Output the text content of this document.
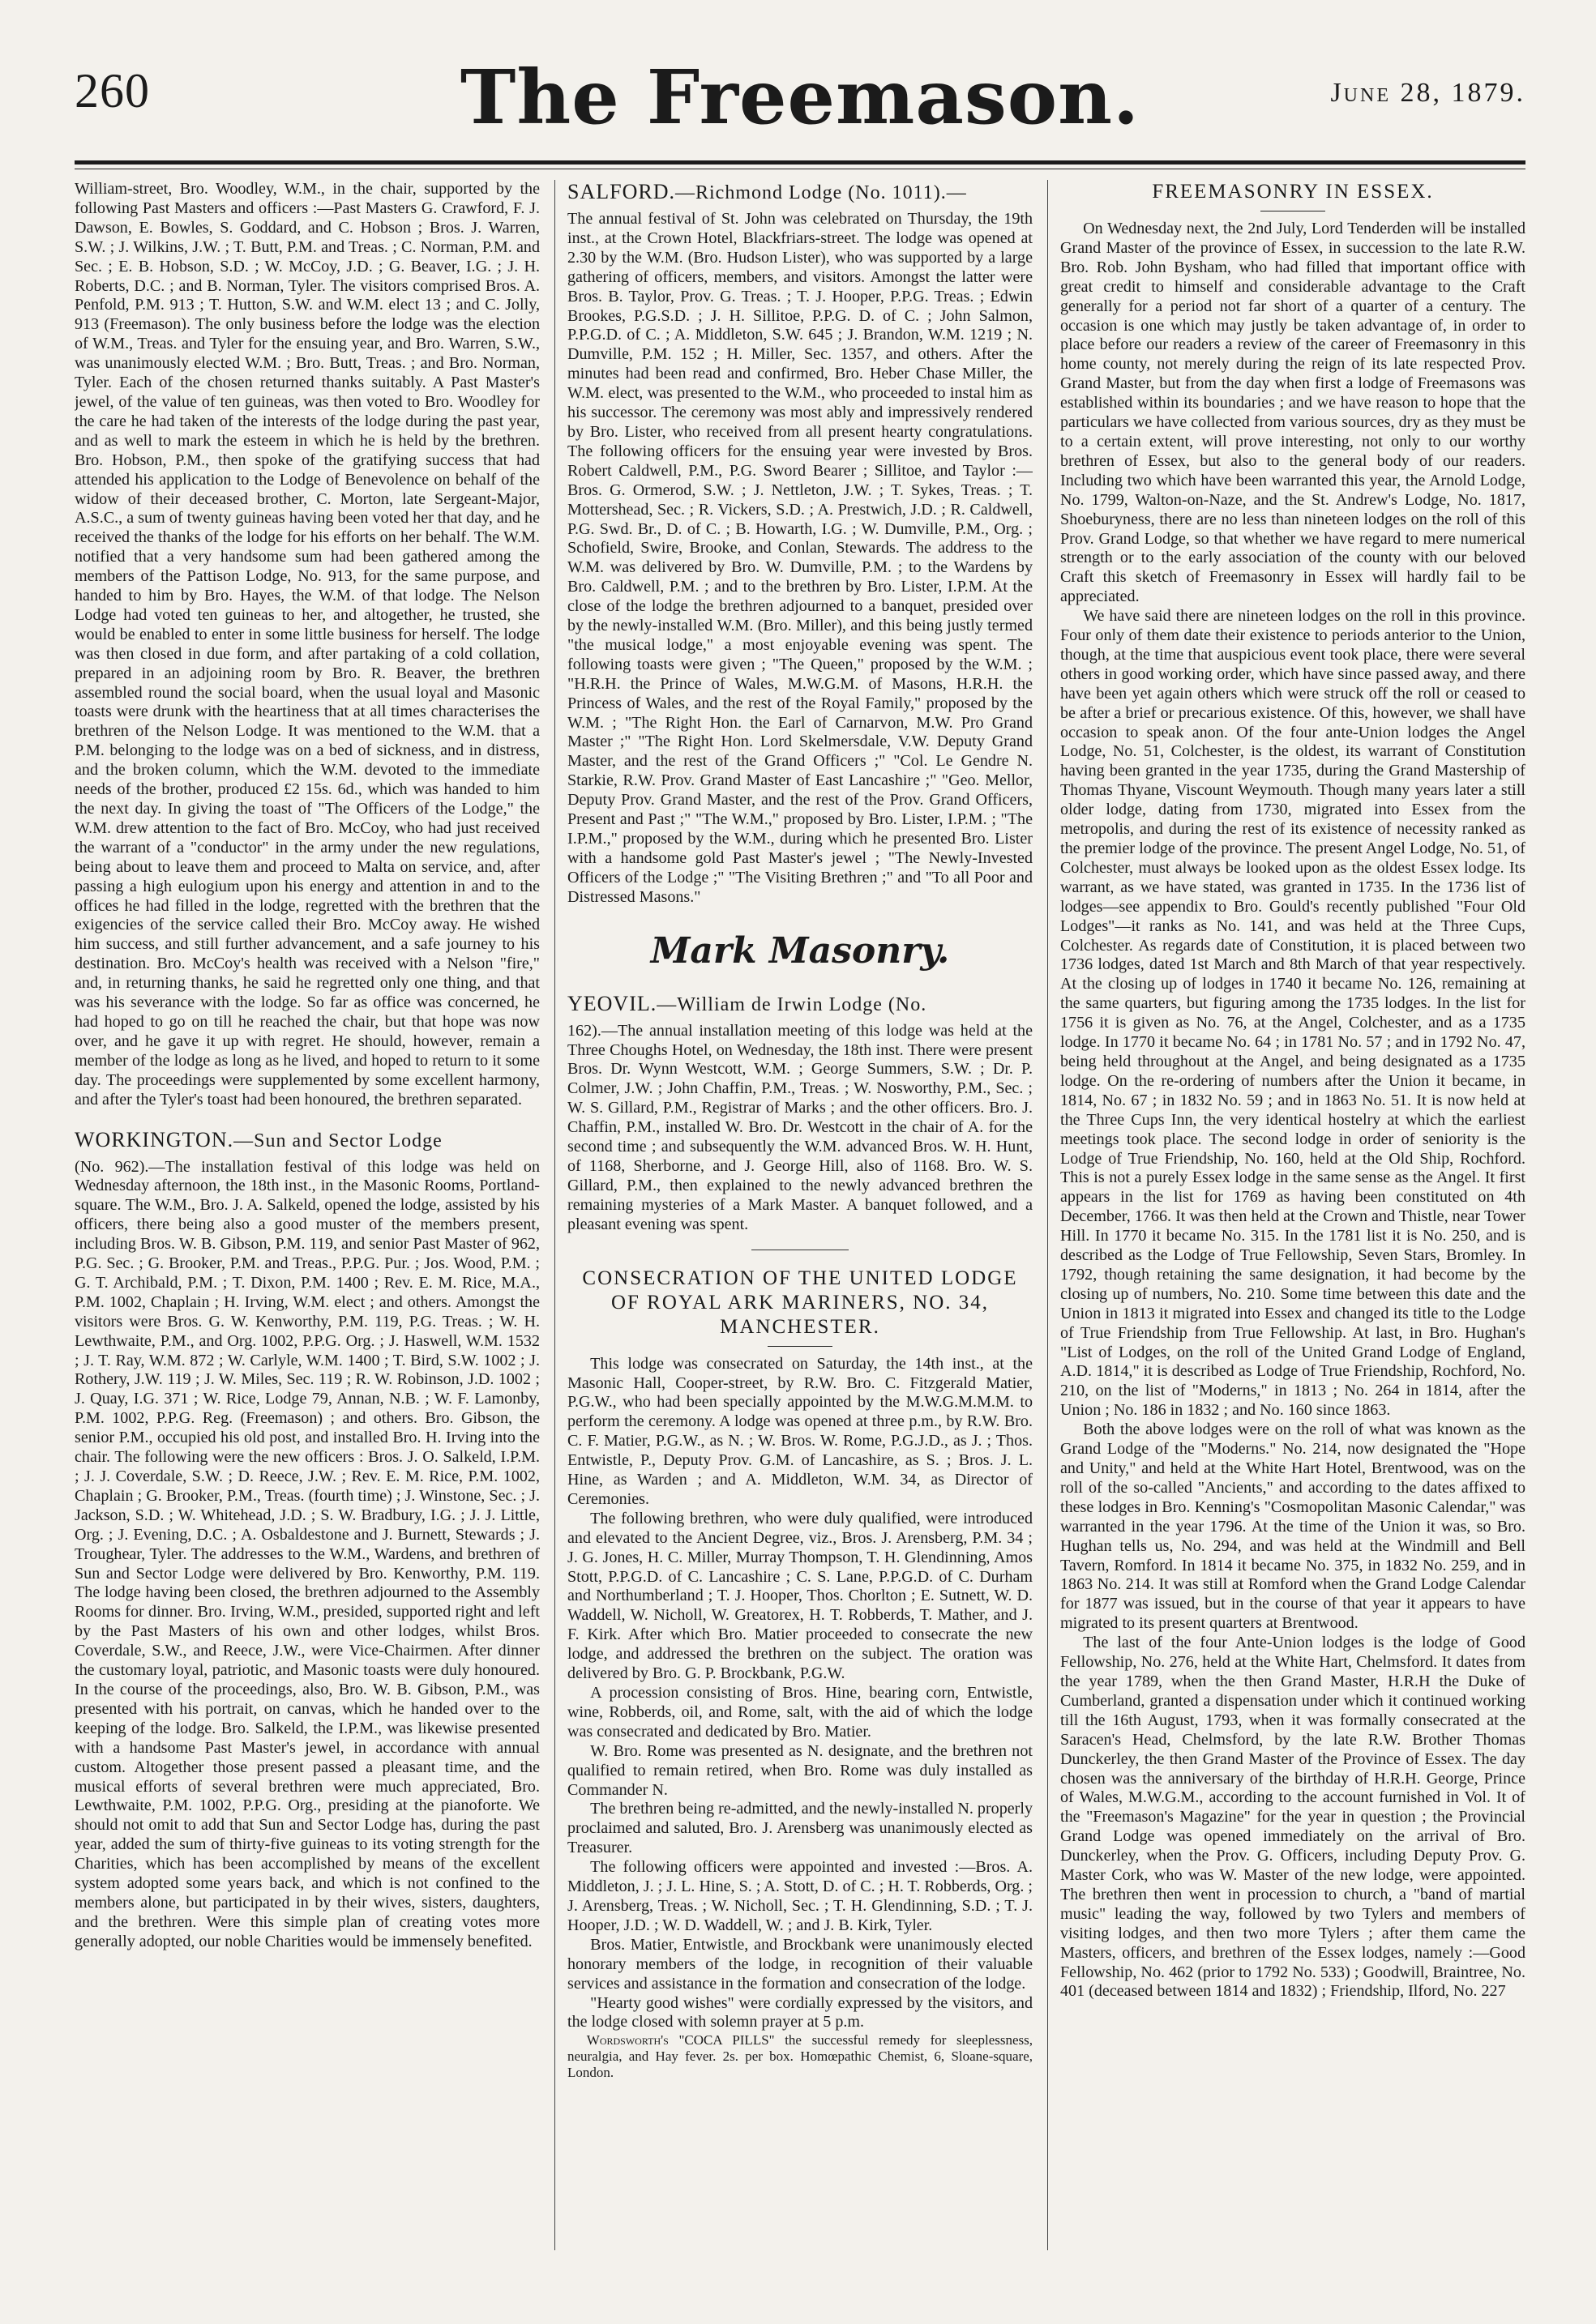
260	The Freemason.	June 28, 1879.

William-street, Bro. Woodley, W.M., in the chair, supported by the following Past Masters and officers :—Past Masters G. Crawford, F. J. Dawson, E. Bowles, S. Goddard, and C. Hobson ; Bros. J. Warren, S.W. ; J. Wilkins, J.W. ; T. Butt, P.M. and Treas. ; C. Norman, P.M. and Sec. ; E. B. Hobson, S.D. ; W. McCoy, J.D. ; G. Beaver, I.G. ; J. H. Roberts, D.C. ; and B. Norman, Tyler. The visitors comprised Bros. A. Penfold, P.M. 913 ; T. Hutton, S.W. and W.M. elect 13 ; and C. Jolly, 913 (Freemason). The only business before the lodge was the election of W.M., Treas. and Tyler for the ensuing year, and Bro. Warren, S.W., was unanimously elected W.M. ; Bro. Butt, Treas. ; and Bro. Norman, Tyler. Each of the chosen returned thanks suitably. A Past Master's jewel, of the value of ten guineas, was then voted to Bro. Woodley for the care he had taken of the interests of the lodge during the past year, and as well to mark the esteem in which he is held by the brethren. Bro. Hobson, P.M., then spoke of the gratifying success that had attended his application to the Lodge of Benevolence on behalf of the widow of their deceased brother, C. Morton, late Sergeant-Major, A.S.C., a sum of twenty guineas having been voted her that day, and he received the thanks of the lodge for his efforts on her behalf. The W.M. notified that a very handsome sum had been gathered among the members of the Pattison Lodge, No. 913, for the same purpose, and handed to him by Bro. Hayes, the W.M. of that lodge. The Nelson Lodge had voted ten guineas to her, and altogether, he trusted, she would be enabled to enter in some little business for herself. The lodge was then closed in due form, and after partaking of a cold collation, prepared in an adjoining room by Bro. R. Beaver, the brethren assembled round the social board, when the usual loyal and Masonic toasts were drunk with the heartiness that at all times characterises the brethren of the Nelson Lodge. It was mentioned to the W.M. that a P.M. belonging to the lodge was on a bed of sickness, and in distress, and the broken column, which the W.M. devoted to the immediate needs of the brother, produced £2 15s. 6d., which was handed to him the next day. In giving the toast of "The Officers of the Lodge," the W.M. drew attention to the fact of Bro. McCoy, who had just received the warrant of a "conductor" in the army under the new regulations, being about to leave them and proceed to Malta on service, and, after passing a high eulogium upon his energy and attention in and to the offices he had filled in the lodge, regretted with the brethren that the exigencies of the service called their Bro. McCoy away. He wished him success, and still further advancement, and a safe journey to his destination. Bro. McCoy's health was received with a Nelson "fire," and, in returning thanks, he said he regretted only one thing, and that was his severance with the lodge. So far as office was concerned, he had hoped to go on till he reached the chair, but that hope was now over, and he gave it up with regret. He should, however, remain a member of the lodge as long as he lived, and hoped to return to it some day. The proceedings were supplemented by some excellent harmony, and after the Tyler's toast had been honoured, the brethren separated.

WORKINGTON.—Sun and Sector Lodge

(No. 962).—The installation festival of this lodge was held on Wednesday afternoon, the 18th inst., in the Masonic Rooms, Portland-square. The W.M., Bro. J. A. Salkeld, opened the lodge, assisted by his officers, there being also a good muster of the members present, including Bros. W. B. Gibson, P.M. 119, and senior Past Master of 962, P.G. Sec. ; G. Brooker, P.M. and Treas., P.P.G. Pur. ; Jos. Wood, P.M. ; G. T. Archibald, P.M. ; T. Dixon, P.M. 1400 ; Rev. E. M. Rice, M.A., P.M. 1002, Chaplain ; H. Irving, W.M. elect ; and others. Amongst the visitors were Bros. G. W. Kenworthy, P.M. 119, P.G. Treas. ; W. H. Lewthwaite, P.M., and Org. 1002, P.P.G. Org. ; J. Haswell, W.M. 1532 ; J. T. Ray, W.M. 872 ; W. Carlyle, W.M. 1400 ; T. Bird, S.W. 1002 ; J. Rothery, J.W. 119 ; J. W. Miles, Sec. 119 ; R. W. Robinson, J.D. 1002 ; J. Quay, I.G. 371 ; W. Rice, Lodge 79, Annan, N.B. ; W. F. Lamonby, P.M. 1002, P.P.G. Reg. (Freemason) ; and others. Bro. Gibson, the senior P.M., occupied his old post, and installed Bro. H. Irving into the chair. The following were the new officers : Bros. J. O. Salkeld, I.P.M. ; J. J. Coverdale, S.W. ; D. Reece, J.W. ; Rev. E. M. Rice, P.M. 1002, Chaplain ; G. Brooker, P.M., Treas. (fourth time) ; J. Winstone, Sec. ; J. Jackson, S.D. ; W. Whitehead, J.D. ; S. W. Bradbury, I.G. ; J. J. Little, Org. ; J. Evening, D.C. ; A. Osbaldestone and J. Burnett, Stewards ; J. Troughear, Tyler. The addresses to the W.M., Wardens, and brethren of Sun and Sector Lodge were delivered by Bro. Kenworthy, P.M. 119. The lodge having been closed, the brethren adjourned to the Assembly Rooms for dinner. Bro. Irving, W.M., presided, supported right and left by the Past Masters of his own and other lodges, whilst Bros. Coverdale, S.W., and Reece, J.W., were Vice-Chairmen. After dinner the customary loyal, patriotic, and Masonic toasts were duly honoured. In the course of the proceedings, also, Bro. W. B. Gibson, P.M., was presented with his portrait, on canvas, which he handed over to the keeping of the lodge. Bro. Salkeld, the I.P.M., was likewise presented with a handsome Past Master's jewel, in accordance with annual custom. Altogether those present passed a pleasant time, and the musical efforts of several brethren were much appreciated, Bro. Lewthwaite, P.M. 1002, P.P.G. Org., presiding at the pianoforte. We should not omit to add that Sun and Sector Lodge has, during the past year, added the sum of thirty-five guineas to its voting strength for the Charities, which has been accomplished by means of the excellent system adopted some years back, and which is not confined to the members alone, but participated in by their wives, sisters, daughters, and the brethren. Were this simple plan of creating votes more generally adopted, our noble Charities would be immensely benefited.

SALFORD.—Richmond Lodge (No. 1011).—

The annual festival of St. John was celebrated on Thursday, the 19th inst., at the Crown Hotel, Blackfriars-street. The lodge was opened at 2.30 by the W.M. (Bro. Hudson Lister), who was supported by a large gathering of officers, members, and visitors. Amongst the latter were Bros. B. Taylor, Prov. G. Treas. ; T. J. Hooper, P.P.G. Treas. ; Edwin Brookes, P.G.S.D. ; J. H. Sillitoe, P.P.G. D. of C. ; John Salmon, P.P.G.D. of C. ; A. Middleton, S.W. 645 ; J. Brandon, W.M. 1219 ; N. Dumville, P.M. 152 ; H. Miller, Sec. 1357, and others. After the minutes had been read and confirmed, Bro. Heber Chase Miller, the W.M. elect, was presented to the W.M., who proceeded to instal him as his successor. The ceremony was most ably and impressively rendered by Bro. Lister, who received from all present hearty congratulations. The following officers for the ensuing year were invested by Bros. Robert Caldwell, P.M., P.G. Sword Bearer ; Sillitoe, and Taylor :—Bros. G. Ormerod, S.W. ; J. Nettleton, J.W. ; T. Sykes, Treas. ; T. Mottershead, Sec. ; R. Vickers, S.D. ; A. Prestwich, J.D. ; R. Caldwell, P.G. Swd. Br., D. of C. ; B. Howarth, I.G. ; W. Dumville, P.M., Org. ; Schofield, Swire, Brooke, and Conlan, Stewards. The address to the W.M. was delivered by Bro. W. Dumville, P.M. ; to the Wardens by Bro. Caldwell, P.M. ; and to the brethren by Bro. Lister, I.P.M. At the close of the lodge the brethren adjourned to a banquet, presided over by the newly-installed W.M. (Bro. Miller), and this being justly termed "the musical lodge," a most enjoyable evening was spent. The following toasts were given ; "The Queen," proposed by the W.M. ; "H.R.H. the Prince of Wales, M.W.G.M. of Masons, H.R.H. the Princess of Wales, and the rest of the Royal Family," proposed by the W.M. ; "The Right Hon. the Earl of Carnarvon, M.W. Pro Grand Master ;" "The Right Hon. Lord Skelmersdale, V.W. Deputy Grand Master, and the rest of the Grand Officers ;" "Col. Le Gendre N. Starkie, R.W. Prov. Grand Master of East Lancashire ;" "Geo. Mellor, Deputy Prov. Grand Master, and the rest of the Prov. Grand Officers, Present and Past ;" "The W.M.," proposed by Bro. Lister, I.P.M. ; "The I.P.M.," proposed by the W.M., during which he presented Bro. Lister with a handsome gold Past Master's jewel ; "The Newly-Invested Officers of the Lodge ;" "The Visiting Brethren ;" and "To all Poor and Distressed Masons."

Mark Masonry.
YEOVIL.—William de Irwin Lodge (No.

162).—The annual installation meeting of this lodge was held at the Three Choughs Hotel, on Wednesday, the 18th inst. There were present Bros. Dr. Wynn Westcott, W.M. ; George Summers, S.W. ; Dr. P. Colmer, J.W. ; John Chaffin, P.M., Treas. ; W. Nosworthy, P.M., Sec. ; W. S. Gillard, P.M., Registrar of Marks ; and the other officers. Bro. J. Chaffin, P.M., installed W. Bro. Dr. Westcott in the chair of A. for the second time ; and subsequently the W.M. advanced Bros. W. H. Hunt, of 1168, Sherborne, and J. George Hill, also of 1168. Bro. W. S. Gillard, P.M., then explained to the newly advanced brethren the remaining mysteries of a Mark Master. A banquet followed, and a pleasant evening was spent.

CONSECRATION OF THE UNITED LODGE OF ROYAL ARK MARINERS, NO. 34, MANCHESTER.

This lodge was consecrated on Saturday, the 14th inst., at the Masonic Hall, Cooper-street, by R.W. Bro. C. Fitzgerald Matier, P.G.W., who had been specially appointed by the M.W.G.M.M.M. to perform the ceremony. A lodge was opened at three p.m., by R.W. Bro. C. F. Matier, P.G.W., as N. ; W. Bros. W. Rome, P.G.J.D., as J. ; Thos. Entwistle, P., Deputy Prov. G.M. of Lancashire, as S. ; Bros. J. L. Hine, as Warden ; and A. Middleton, W.M. 34, as Director of Ceremonies.

The following brethren, who were duly qualified, were introduced and elevated to the Ancient Degree, viz., Bros. J. Arensberg, P.M. 34 ; J. G. Jones, H. C. Miller, Murray Thompson, T. H. Glendinning, Amos Stott, P.P.G.D. of C. Lancashire ; C. S. Lane, P.P.G.D. of C. Durham and Northumberland ; T. J. Hooper, Thos. Chorlton ; E. Sutnett, W. D. Waddell, W. Nicholl, W. Greatorex, H. T. Robberds, T. Mather, and J. F. Kirk. After which Bro. Matier proceeded to consecrate the new lodge, and addressed the brethren on the subject. The oration was delivered by Bro. G. P. Brockbank, P.G.W.

A procession consisting of Bros. Hine, bearing corn, Entwistle, wine, Robberds, oil, and Rome, salt, with the aid of which the lodge was consecrated and dedicated by Bro. Matier.

W. Bro. Rome was presented as N. designate, and the brethren not qualified to remain retired, when Bro. Rome was duly installed as Commander N.

The brethren being re-admitted, and the newly-installed N. properly proclaimed and saluted, Bro. J. Arensberg was unanimously elected as Treasurer.

The following officers were appointed and invested :—Bros. A. Middleton, J. ; J. L. Hine, S. ; A. Stott, D. of C. ; H. T. Robberds, Org. ; J. Arensberg, Treas. ; W. Nicholl, Sec. ; T. H. Glendinning, S.D. ; T. J. Hooper, J.D. ; W. D. Waddell, W. ; and J. B. Kirk, Tyler.

Bros. Matier, Entwistle, and Brockbank were unanimously elected honorary members of the lodge, in recognition of their valuable services and assistance in the formation and consecration of the lodge.

"Hearty good wishes" were cordially expressed by the visitors, and the lodge closed with solemn prayer at 5 p.m.

Wordsworth's "COCA PILLS" the successful remedy for sleeplessness, neuralgia, and Hay fever. 2s. per box. Homœpathic Chemist, 6, Sloane-square, London.

FREEMASONRY IN ESSEX.

On Wednesday next, the 2nd July, Lord Tenderden will be installed Grand Master of the province of Essex, in succession to the late R.W. Bro. Rob. John Bysham, who had filled that important office with great credit to himself and considerable advantage to the Craft generally for a period not far short of a quarter of a century. The occasion is one which may justly be taken advantage of, in order to place before our readers a review of the career of Freemasonry in this home county, not merely during the reign of its late respected Prov. Grand Master, but from the day when first a lodge of Freemasons was established within its boundaries ; and we have reason to hope that the particulars we have collected from various sources, dry as they must be to a certain extent, will prove interesting, not only to our worthy brethren of Essex, but also to the general body of our readers. Including two which have been warranted this year, the Arnold Lodge, No. 1799, Walton-on-Naze, and the St. Andrew's Lodge, No. 1817, Shoeburyness, there are no less than nineteen lodges on the roll of this Prov. Grand Lodge, so that whether we have regard to mere numerical strength or to the early association of the county with our beloved Craft this sketch of Freemasonry in Essex will hardly fail to be appreciated.

We have said there are nineteen lodges on the roll in this province. Four only of them date their existence to periods anterior to the Union, though, at the time that auspicious event took place, there were several others in good working order, which have since passed away, and there have been yet again others which were struck off the roll or ceased to be after a brief or precarious existence. Of this, however, we shall have occasion to speak anon. Of the four ante-Union lodges the Angel Lodge, No. 51, Colchester, is the oldest, its warrant of Constitution having been granted in the year 1735, during the Grand Mastership of Thomas Thyane, Viscount Weymouth. Though many years later a still older lodge, dating from 1730, migrated into Essex from the metropolis, and during the rest of its existence of necessity ranked as the premier lodge of the province. The present Angel Lodge, No. 51, of Colchester, must always be looked upon as the oldest Essex lodge. Its warrant, as we have stated, was granted in 1735. In the 1736 list of lodges—see appendix to Bro. Gould's recently published "Four Old Lodges"—it ranks as No. 141, and was held at the Three Cups, Colchester. As regards date of Constitution, it is placed between two 1736 lodges, dated 1st March and 8th March of that year respectively. At the closing up of lodges in 1740 it became No. 126, remaining at the same quarters, but figuring among the 1735 lodges. In the list for 1756 it is given as No. 76, at the Angel, Colchester, and as a 1735 lodge. In 1770 it became No. 64 ; in 1781 No. 57 ; and in 1792 No. 47, being held throughout at the Angel, and being designated as a 1735 lodge. On the re-ordering of numbers after the Union it became, in 1814, No. 67 ; in 1832 No. 59 ; and in 1863 No. 51. It is now held at the Three Cups Inn, the very identical hostelry at which the earliest meetings took place. The second lodge in order of seniority is the Lodge of True Friendship, No. 160, held at the Old Ship, Rochford. This is not a purely Essex lodge in the same sense as the Angel. It first appears in the list for 1769 as having been constituted on 4th December, 1766. It was then held at the Crown and Thistle, near Tower Hill. In 1770 it became No. 315. In the 1781 list it is No. 250, and is described as the Lodge of True Fellowship, Seven Stars, Bromley. In 1792, though retaining the same designation, it had become by the closing up of numbers, No. 210. Some time between this date and the Union in 1813 it migrated into Essex and changed its title to the Lodge of True Friendship from True Fellowship. At last, in Bro. Hughan's "List of Lodges, on the roll of the United Grand Lodge of England, A.D. 1814," it is described as Lodge of True Friendship, Rochford, No. 210, on the list of "Moderns," in 1813 ; No. 264 in 1814, after the Union ; No. 186 in 1832 ; and No. 160 since 1863.

Both the above lodges were on the roll of what was known as the Grand Lodge of the "Moderns." No. 214, now designated the "Hope and Unity," and held at the White Hart Hotel, Brentwood, was on the roll of the so-called "Ancients," and according to the dates affixed to these lodges in Bro. Kenning's "Cosmopolitan Masonic Calendar," was warranted in the year 1796. At the time of the Union it was, so Bro. Hughan tells us, No. 294, and was held at the Windmill and Bell Tavern, Romford. In 1814 it became No. 375, in 1832 No. 259, and in 1863 No. 214. It was still at Romford when the Grand Lodge Calendar for 1877 was issued, but in the course of that year it appears to have migrated to its present quarters at Brentwood.

The last of the four Ante-Union lodges is the lodge of Good Fellowship, No. 276, held at the White Hart, Chelmsford. It dates from the year 1789, when the then Grand Master, H.R.H the Duke of Cumberland, granted a dispensation under which it continued working till the 16th August, 1793, when it was formally consecrated at the Saracen's Head, Chelmsford, by the late R.W. Brother Thomas Dunckerley, the then Grand Master of the Province of Essex. The day chosen was the anniversary of the birthday of H.R.H. George, Prince of Wales, M.W.G.M., according to the account furnished in Vol. It of the "Freemason's Magazine" for the year in question ; the Provincial Grand Lodge was opened immediately on the arrival of Bro. Dunckerley, when the Prov. G. Officers, including Deputy Prov. G. Master Cork, who was W. Master of the new lodge, were appointed. The brethren then went in procession to church, a "band of martial music" leading the way, followed by two Tylers and members of visiting lodges, and then two more Tylers ; after them came the Masters, officers, and brethren of the Essex lodges, namely :—Good Fellowship, No. 462 (prior to 1792 No. 533) ; Goodwill, Braintree, No. 401 (deceased between 1814 and 1832) ; Friendship, Ilford, No. 227
